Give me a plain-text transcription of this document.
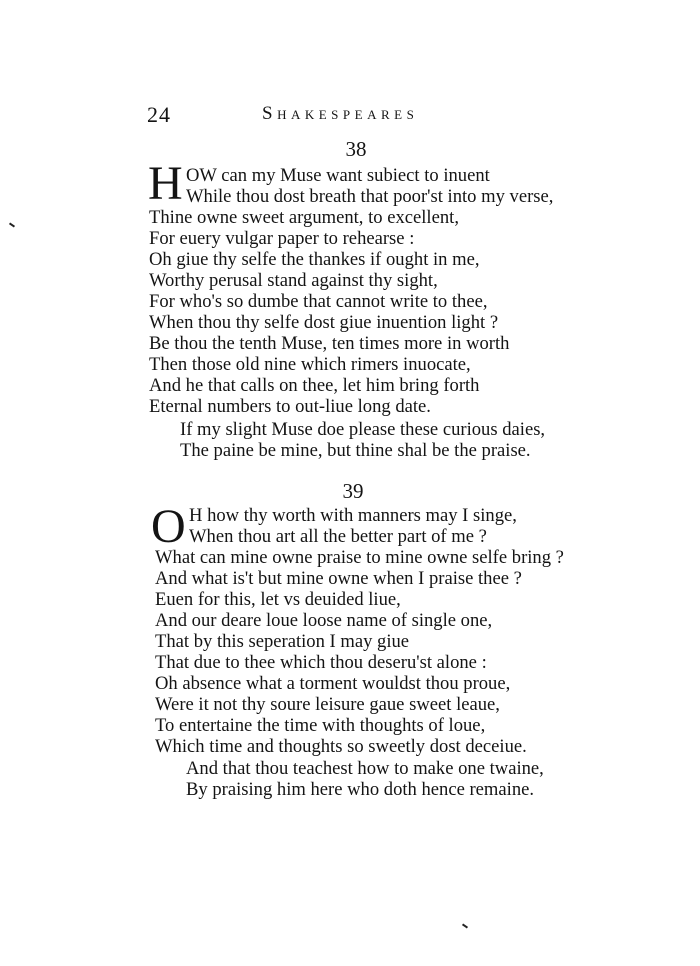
24	Shakespeares
38
H OW can my Muse want subiect to inuent
While thou dost breath that poor'st into my verse,
Thine owne sweet argument, to excellent,
For euery vulgar paper to rehearse :
Oh giue thy selfe the thankes if ought in me,
Worthy perusal stand against thy sight,
For who's so dumbe that cannot write to thee,
When thou thy selfe dost giue inuention light ?
Be thou the tenth Muse, ten times more in worth
Then those old nine which rimers inuocate,
And he that calls on thee, let him bring forth
Eternal numbers to out-liue long date.
If my slight Muse doe please these curious daies,
The paine be mine, but thine shal be the praise.
39
O H how thy worth with manners may I singe,
When thou art all the better part of me ?
What can mine owne praise to mine owne selfe bring ?
And what is't but mine owne when I praise thee ?
Euen for this, let vs deuided liue,
And our deare loue loose name of single one,
That by this seperation I may giue
That due to thee which thou deseru'st alone :
Oh absence what a torment wouldst thou proue,
Were it not thy soure leisure gaue sweet leaue,
To entertaine the time with thoughts of loue,
Which time and thoughts so sweetly dost deceiue.
And that thou teachest how to make one twaine,
By praising him here who doth hence remaine.
